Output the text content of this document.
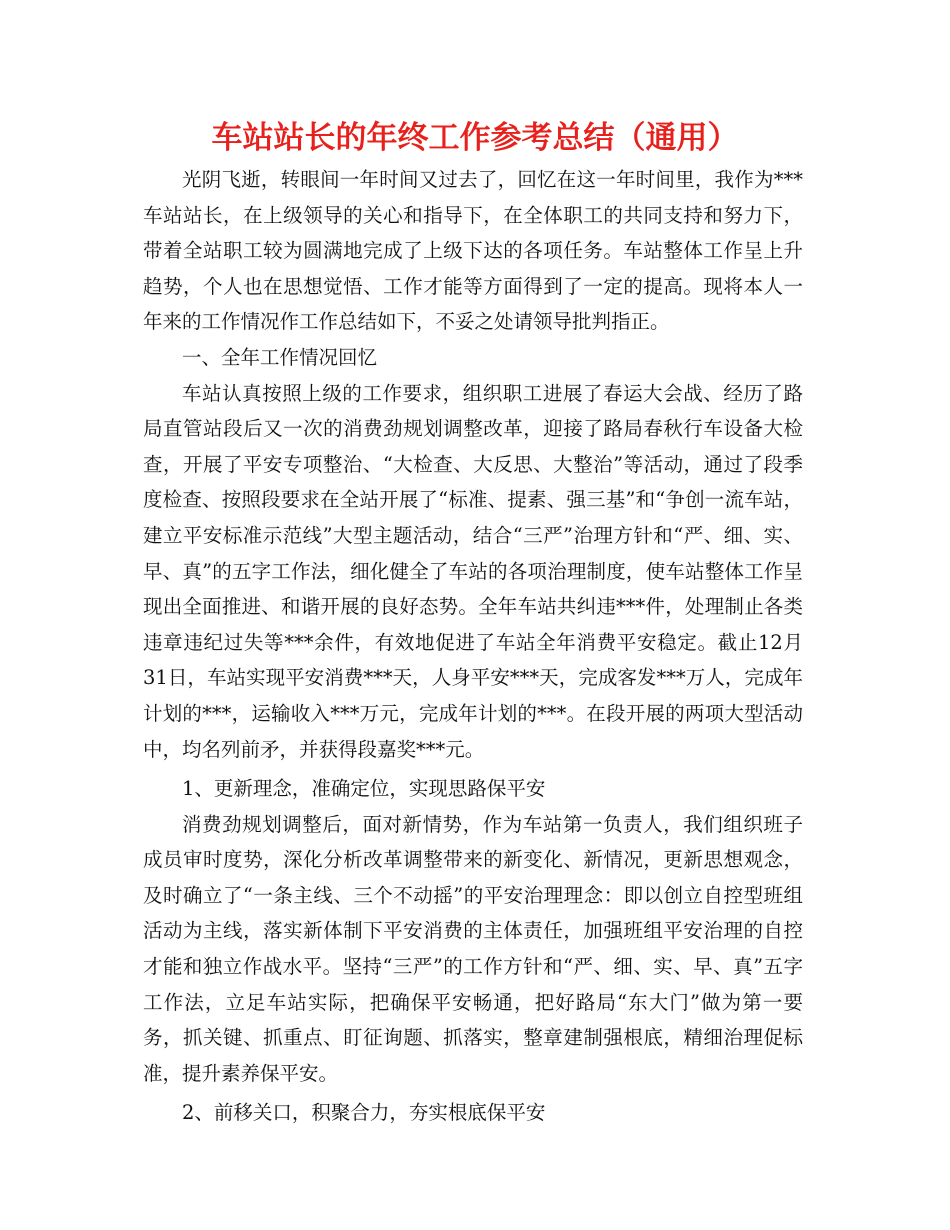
车站站长的年终工作参考总结（通用）

光阴飞逝，转眼间一年时间又过去了，回忆在这一年时间里，我作为***车站站长，在上级领导的关心和指导下，在全体职工的共同支持和努力下，带着全站职工较为圆满地完成了上级下达的各项任务。车站整体工作呈上升趋势，个人也在思想觉悟、工作才能等方面得到了一定的提高。现将本人一年来的工作情况作工作总结如下，不妥之处请领导批判指正。

一、全年工作情况回忆

车站认真按照上级的工作要求，组织职工进展了春运大会战、经历了路局直管站段后又一次的消费劲规划调整改革，迎接了路局春秋行车设备大检查，开展了平安专项整治、“大检查、大反思、大整治”等活动，通过了段季度检查、按照段要求在全站开展了“标准、提素、强三基”和“争创一流车站，建立平安标准示范线”大型主题活动，结合“三严”治理方针和“严、细、实、早、真”的五字工作法，细化健全了车站的各项治理制度，使车站整体工作呈现出全面推进、和谐开展的良好态势。全年车站共纠违***件，处理制止各类违章违纪过失等***余件，有效地促进了车站全年消费平安稳定。截止12月31日，车站实现平安消费***天，人身平安***天，完成客发***万人，完成年计划的***，运输收入***万元，完成年计划的***。在段开展的两项大型活动中，均名列前矛，并获得段嘉奖***元。

1、更新理念，准确定位，实现思路保平安

消费劲规划调整后，面对新情势，作为车站第一负责人，我们组织班子成员审时度势，深化分析改革调整带来的新变化、新情况，更新思想观念，及时确立了“一条主线、三个不动摇”的平安治理理念：即以创立自控型班组活动为主线，落实新体制下平安消费的主体责任，加强班组平安治理的自控才能和独立作战水平。坚持“三严”的工作方针和“严、细、实、早、真”五字工作法，立足车站实际，把确保平安畅通，把好路局“东大门”做为第一要务，抓关键、抓重点、盯征询题、抓落实，整章建制强根底，精细治理促标准，提升素养保平安。

2、前移关口，积聚合力，夯实根底保平安
